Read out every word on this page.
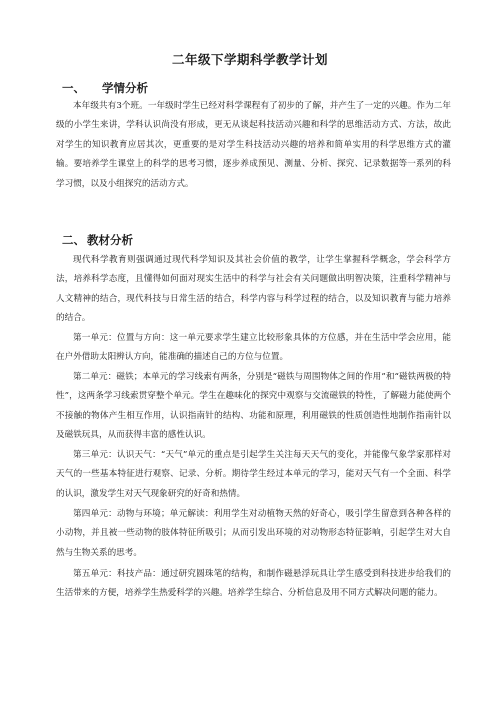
二年级下学期科学教学计划
一、 学情分析

本年级共有3个班。一年级时学生已经对科学课程有了初步的了解，并产生了一定的兴趣。作为二年级的小学生来讲，学科认识尚没有形成，更无从谈起科技活动兴趣和科学的思维活动方式、方法，故此对学生的知识教育应居其次，更重要的是对学生科技活动兴趣的培养和简单实用的科学思维方式的灌输。要培养学生课堂上的科学的思考习惯，逐步养成预见、测量、分析、探究、记录数据等一系列的科学习惯，以及小组探究的活动方式。

二、 教材分析

现代科学教育则强调通过现代科学知识及其社会价值的教学，让学生掌握科学概念，学会科学方法，培养科学态度，且懂得如何面对现实生活中的科学与社会有关问题做出明智决策，注重科学精神与人文精神的结合，现代科技与日常生活的结合，科学内容与科学过程的结合，以及知识教育与能力培养的结合。

第一单元：位置与方向：这一单元要求学生建立比较形象具体的方位感，并在生活中学会应用，能在户外借助太阳辨认方向，能准确的描述自己的方位与位置。

第二单元：磁铁；本单元的学习线索有两条，分别是“磁铁与周围物体之间的作用”和“磁铁两极的特性”，这两条学习线索贯穿整个单元。学生在趣味化的探究中观察与交流磁铁的特性，了解磁力能使两个不接触的物体产生相互作用，认识指南针的结构、功能和原理，利用磁铁的性质创造性地制作指南针以及磁铁玩具，从而获得丰富的感性认识。

第三单元：认识天气：“天气”单元的重点是引起学生关注每天天气的变化，并能像气象学家那样对天气的一些基本特征进行观察、记录、分析。期待学生经过本单元的学习，能对天气有一个全面、科学的认识，激发学生对天气现象研究的好奇和热情。

第四单元：动物与环境；单元解读：利用学生对动植物天然的好奇心，吸引学生留意到各种各样的小动物，并且被一些动物的肢体特征所吸引；从而引发出环境的对动物形态特征影响，引起学生对大自然与生物关系的思考。

第五单元：科技产品：通过研究圆珠笔的结构，和制作磁悬浮玩具让学生感受到科技进步给我们的生活带来的方便，培养学生热爱科学的兴趣。培养学生综合、分析信息及用不同方式解决问题的能力。
